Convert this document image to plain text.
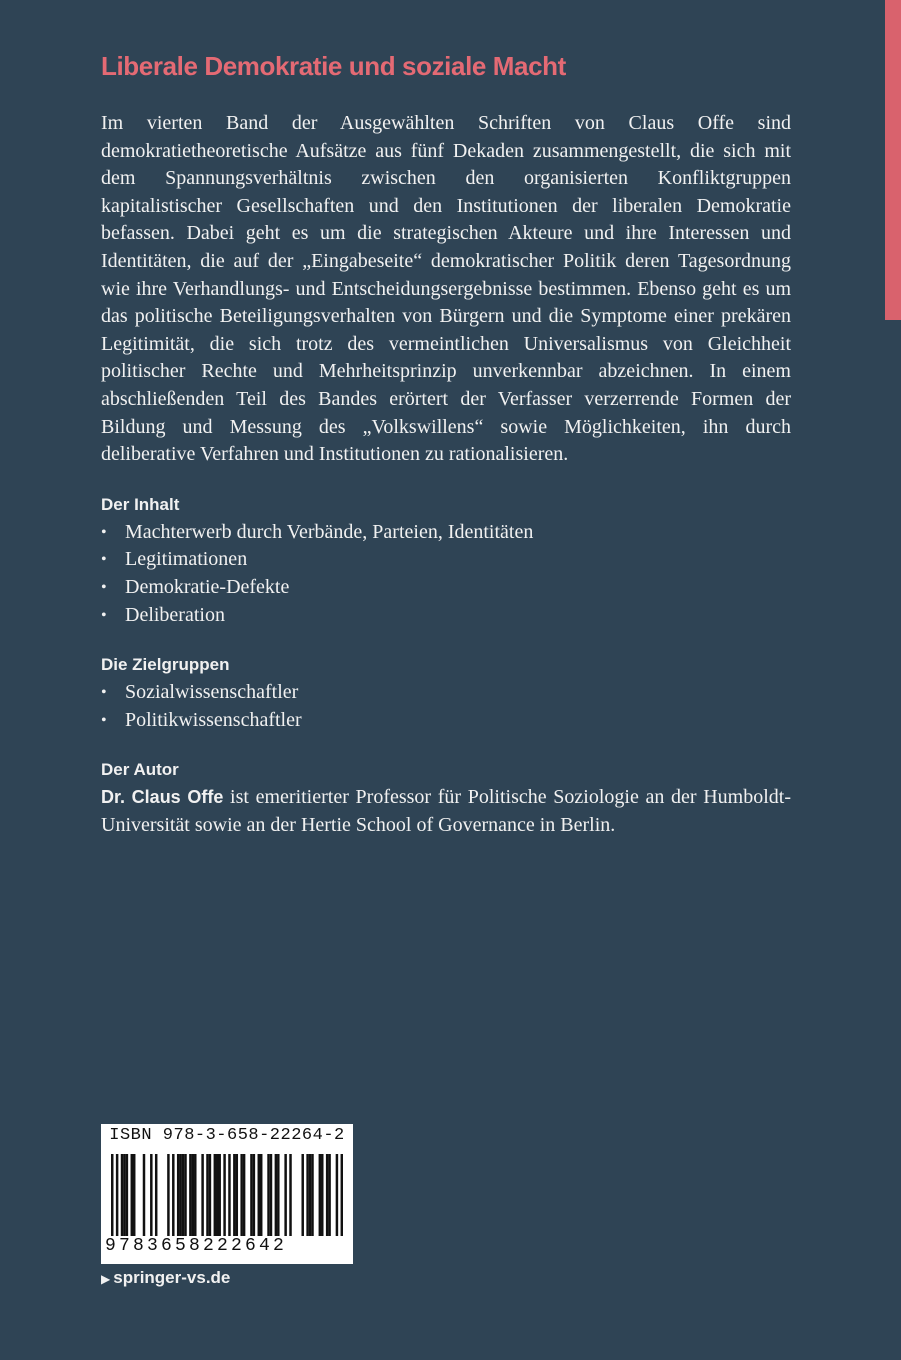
Liberale Demokratie und soziale Macht

Im vierten Band der Ausgewählten Schriften von Claus Offe sind demokratietheoretische Aufsätze aus fünf Dekaden zusammengestellt, die sich mit dem Spannungsverhältnis zwischen den organisierten Konfliktgruppen kapitalistischer Gesellschaften und den Institutionen der liberalen Demokratie befassen. Dabei geht es um die strategischen Akteure und ihre Interessen und Identitäten, die auf der „Eingabeseite“ demokratischer Politik deren Tagesordnung wie ihre Verhandlungs- und Entscheidungsergebnisse bestimmen. Ebenso geht es um das politische Beteiligungsverhalten von Bürgern und die Symptome einer prekären Legitimität, die sich trotz des vermeintlichen Universalismus von Gleichheit politischer Rechte und Mehrheitsprinzip unverkennbar abzeichnen. In einem abschließenden Teil des Bandes erörtert der Verfasser verzerrende Formen der Bildung und Messung des „Volkswillens“ sowie Möglichkeiten, ihn durch deliberative Verfahren und Institutionen zu rationalisieren.

Der Inhalt
• Machterwerb durch Verbände, Parteien, Identitäten
• Legitimationen
• Demokratie-Defekte
• Deliberation
Die Zielgruppen
• Sozialwissenschaftler
• Politikwissenschaftler
Der Autor

Dr. Claus Offe ist emeritierter Professor für Politische Soziologie an der Humboldt-Universität sowie an der Hertie School of Governance in Berlin.

ISBN 978-3-658-22264-2
9783658222642
▶ springer-vs.de
